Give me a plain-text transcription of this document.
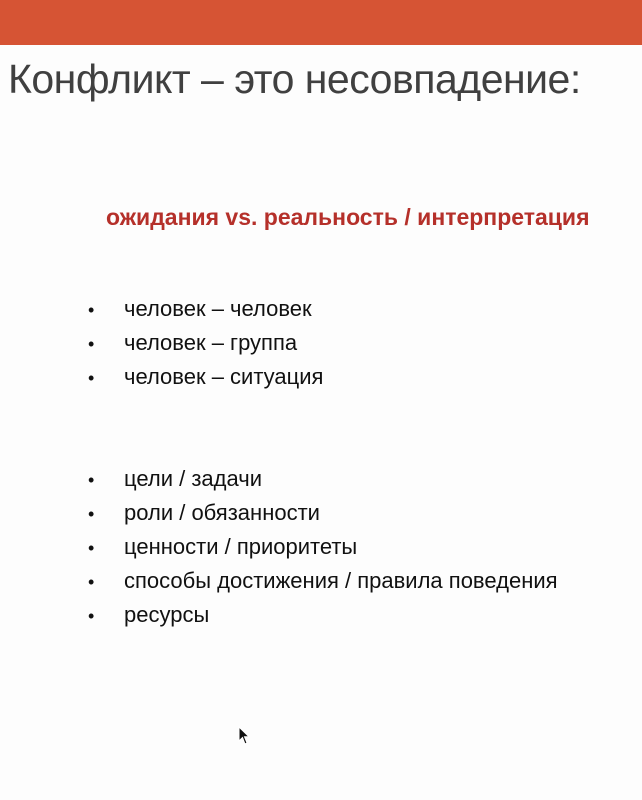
Конфликт – это несовпадение:

ожидания vs. реальность / интерпретация

•	человек – человек
•	человек – группа
•	человек – ситуация
•	цели / задачи
•	роли / обязанности
•	ценности / приоритеты
•	способы достижения / правила поведения
•	ресурсы
